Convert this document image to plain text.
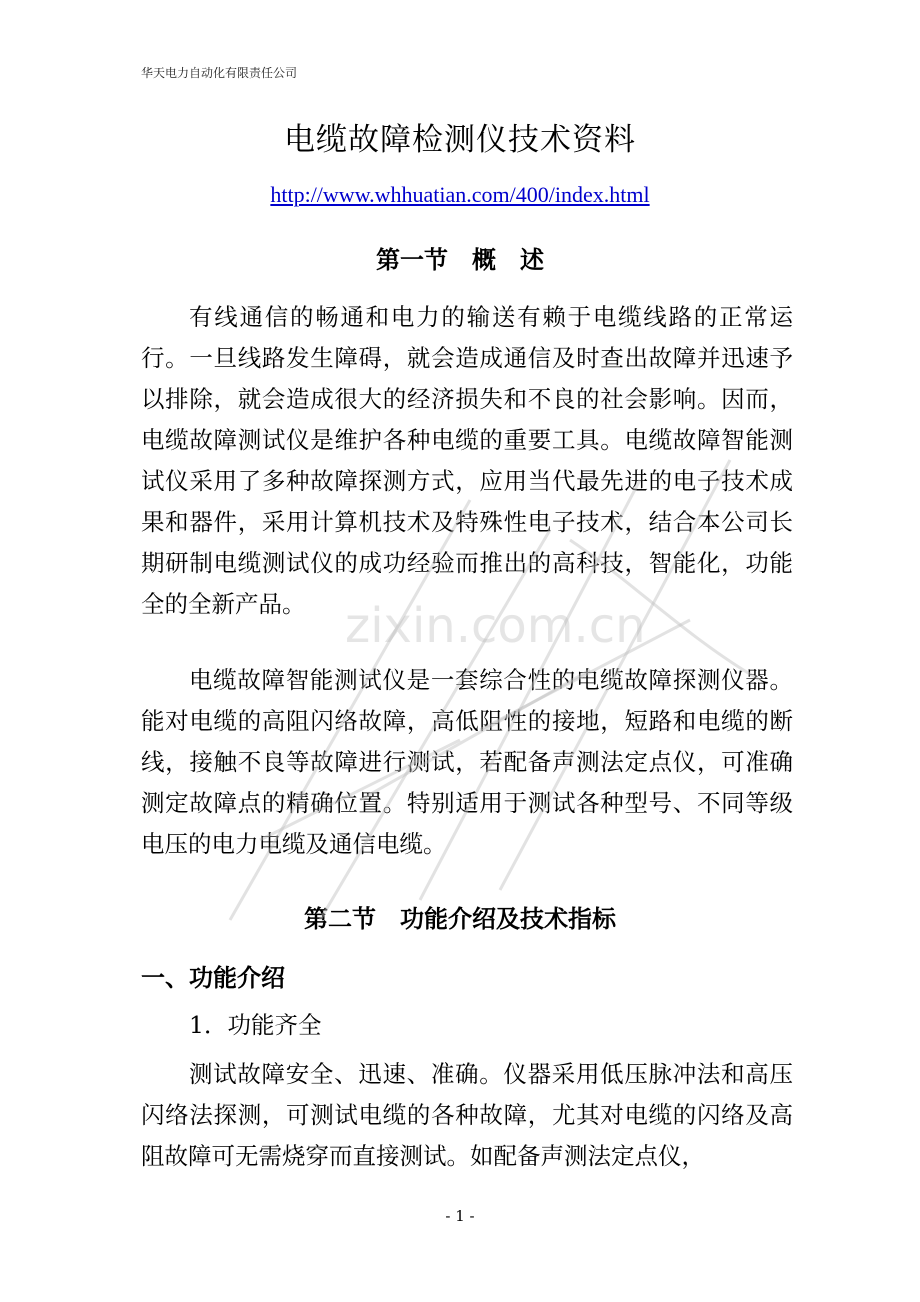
华天电力自动化有限责任公司
电缆故障检测仪技术资料
http://www.whhuatian.com/400/index.html
第一节　概　述

有线通信的畅通和电力的输送有赖于电缆线路的正常运行。一旦线路发生障碍，就会造成通信及时查出故障并迅速予以排除，就会造成很大的经济损失和不良的社会影响。因而，电缆故障测试仪是维护各种电缆的重要工具。电缆故障智能测试仪采用了多种故障探测方式，应用当代最先进的电子技术成果和器件，采用计算机技术及特殊性电子技术，结合本公司长期研制电缆测试仪的成功经验而推出的高科技，智能化，功能全的全新产品。

电缆故障智能测试仪是一套综合性的电缆故障探测仪器。能对电缆的高阻闪络故障，高低阻性的接地，短路和电缆的断线，接触不良等故障进行测试，若配备声测法定点仪，可准确测定故障点的精确位置。特别适用于测试各种型号、不同等级电压的电力电缆及通信电缆。

第二节　功能介绍及技术指标
一、功能介绍
1．功能齐全

测试故障安全、迅速、准确。仪器采用低压脉冲法和高压闪络法探测，可测试电缆的各种故障，尤其对电缆的闪络及高阻故障可无需烧穿而直接测试。如配备声测法定点仪，

zixin.com.cn
- 1 -
